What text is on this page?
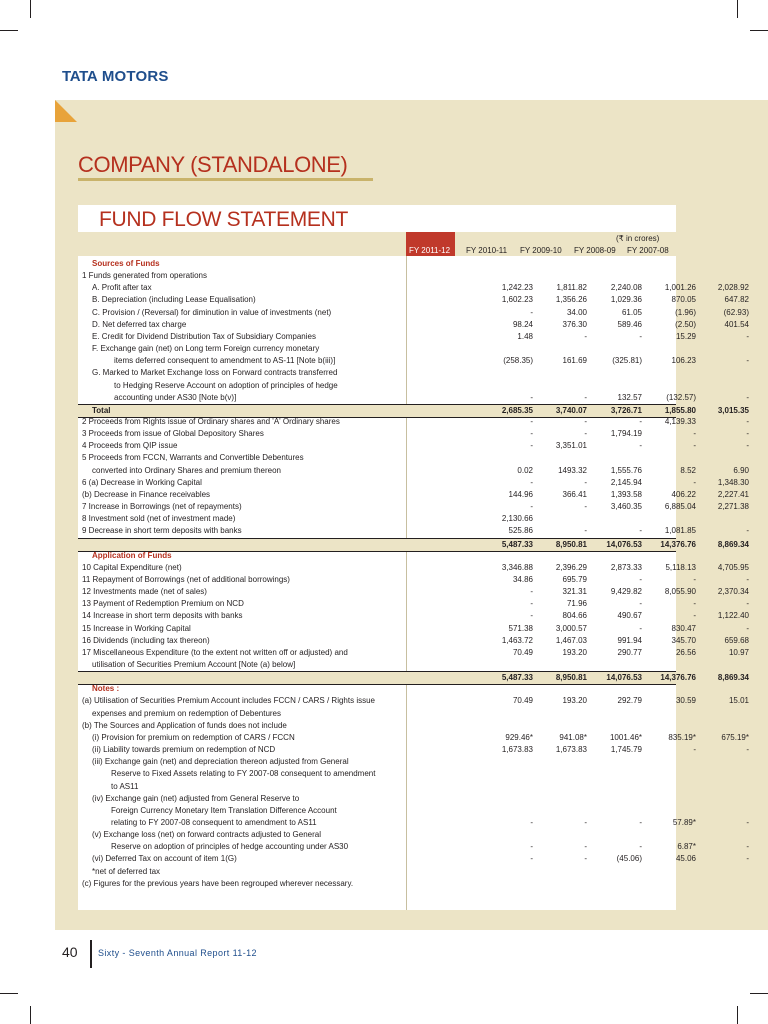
TATA MOTORS
COMPANY (STANDALONE)
FUND FLOW STATEMENT
(₹ in crores)
FY 2011-12 FY 2010-11 FY 2009-10 FY 2008-09 FY 2007-08
Sources of Funds
1 Funds generated from operations
A. Profit after tax	1,242.23	1,811.82	2,240.08	1,001.26	2,028.92
B. Depreciation (including Lease Equalisation)	1,602.23	1,356.26	1,029.36	870.05	647.82
C. Provision / (Reversal) for diminution in value of investments (net)	-	34.00	61.05	(1.96)	(62.93)
D. Net deferred tax charge	98.24	376.30	589.46	(2.50)	401.54
E. Credit for Dividend Distribution Tax of Subsidiary Companies	1.48	-	-	15.29	-
F. Exchange gain (net) on Long term Foreign currency monetary
items deferred consequent to amendment to AS-11 [Note b(iii)]	(258.35)	161.69	(325.81)	106.23	-
G. Marked to Market Exchange loss on Forward contracts transferred
to Hedging Reserve Account on adoption of principles of hedge
accounting under AS30 [Note b(v)]	-	-	132.57	(132.57)	-
Total	2,685.35	3,740.07	3,726.71	1,855.80	3,015.35
2 Proceeds from Rights issue of Ordinary shares and 'A' Ordinary shares	-	-	-	4,139.33	-
3 Proceeds from issue of Global Depository Shares	-	-	1,794.19	-	-
4 Proceeds from QIP issue	-	3,351.01	-	-	-
5 Proceeds from FCCN, Warrants and Convertible Debentures
converted into Ordinary Shares and premium thereon	0.02	1493.32	1,555.76	8.52	6.90
6 (a) Decrease in Working Capital	-	-	2,145.94	-	1,348.30
(b) Decrease in Finance receivables	144.96	366.41	1,393.58	406.22	2,227.41
7 Increase in Borrowings (net of repayments)	-	-	3,460.35	6,885.04	2,271.38
8 Investment sold (net of investment made)	2,130.66
9 Decrease in short term deposits with banks	525.86	-	-	1,081.85	-
5,487.33	8,950.81	14,076.53	14,376.76	8,869.34
Application of Funds
10 Capital Expenditure (net)	3,346.88	2,396.29	2,873.33	5,118.13	4,705.95
11 Repayment of Borrowings (net of additional borrowings)	34.86	695.79	-	-	-
12 Investments made (net of sales)	-	321.31	9,429.82	8,055.90	2,370.34
13 Payment of Redemption Premium on NCD	-	71.96	-	-	-
14 Increase in short term deposits with banks	-	804.66	490.67	-	1,122.40
15 Increase in Working Capital	571.38	3,000.57	-	830.47	-
16 Dividends (including tax thereon)	1,463.72	1,467.03	991.94	345.70	659.68
17 Miscellaneous Expenditure (to the extent not written off or adjusted) and	70.49	193.20	290.77	26.56	10.97
utilisation of Securities Premium Account [Note (a) below]
5,487.33	8,950.81	14,076.53	14,376.76	8,869.34
Notes :
(a) Utilisation of Securities Premium Account includes FCCN / CARS / Rights issue	70.49	193.20	292.79	30.59	15.01
expenses and premium on redemption of Debentures
(b) The Sources and Application of funds does not include
(i) Provision for premium on redemption of CARS / FCCN	929.46*	941.08*	1001.46*	835.19*	675.19*
(ii) Liability towards premium on redemption of NCD	1,673.83	1,673.83	1,745.79	-	-
(iii) Exchange gain (net) and depreciation thereon adjusted from General
Reserve to Fixed Assets relating to FY 2007-08 consequent to amendment
to AS11
(iv) Exchange gain (net) adjusted from General Reserve to
Foreign Currency Monetary Item Translation Difference Account
relating to FY 2007-08 consequent to amendment to AS11	-	-	-	57.89*	-
(v) Exchange loss (net) on forward contracts adjusted to General
Reserve on adoption of principles of hedge accounting under AS30	-	-	-	6.87*	-
(vi) Deferred Tax on account of item 1(G)	-	-	(45.06)	45.06	-
*net of deferred tax
(c) Figures for the previous years have been regrouped wherever necessary.
40 Sixty - Seventh Annual Report 11-12
